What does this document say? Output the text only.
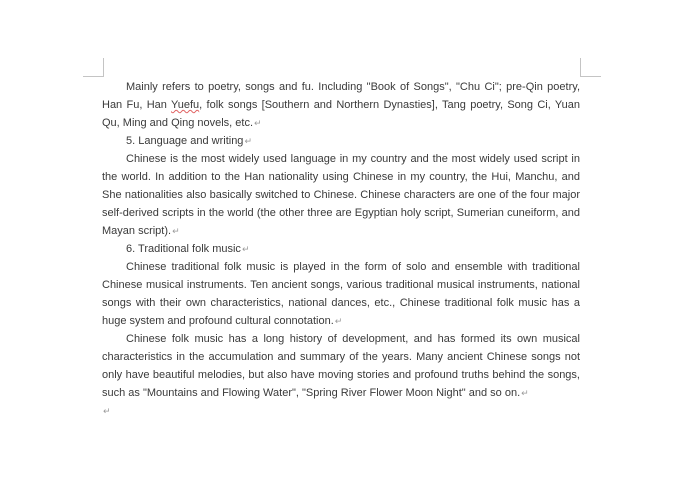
Mainly refers to poetry, songs and fu. Including "Book of Songs", "Chu Ci"; pre-Qin poetry, Han Fu, Han Yuefu, folk songs [Southern and Northern Dynasties], Tang poetry, Song Ci, Yuan Qu, Ming and Qing novels, etc.↵

5. Language and writing↵

Chinese is the most widely used language in my country and the most widely used script in the world. In addition to the Han nationality using Chinese in my country, the Hui, Manchu, and She nationalities also basically switched to Chinese. Chinese characters are one of the four major self-derived scripts in the world (the other three are Egyptian holy script, Sumerian cuneiform, and Mayan script).↵

6. Traditional folk music↵

Chinese traditional folk music is played in the form of solo and ensemble with traditional Chinese musical instruments. Ten ancient songs, various traditional musical instruments, national songs with their own characteristics, national dances, etc., Chinese traditional folk music has a huge system and profound cultural connotation.↵

Chinese folk music has a long history of development, and has formed its own musical characteristics in the accumulation and summary of the years. Many ancient Chinese songs not only have beautiful melodies, but also have moving stories and profound truths behind the songs, such as "Mountains and Flowing Water", "Spring River Flower Moon Night" and so on.↵

↵
